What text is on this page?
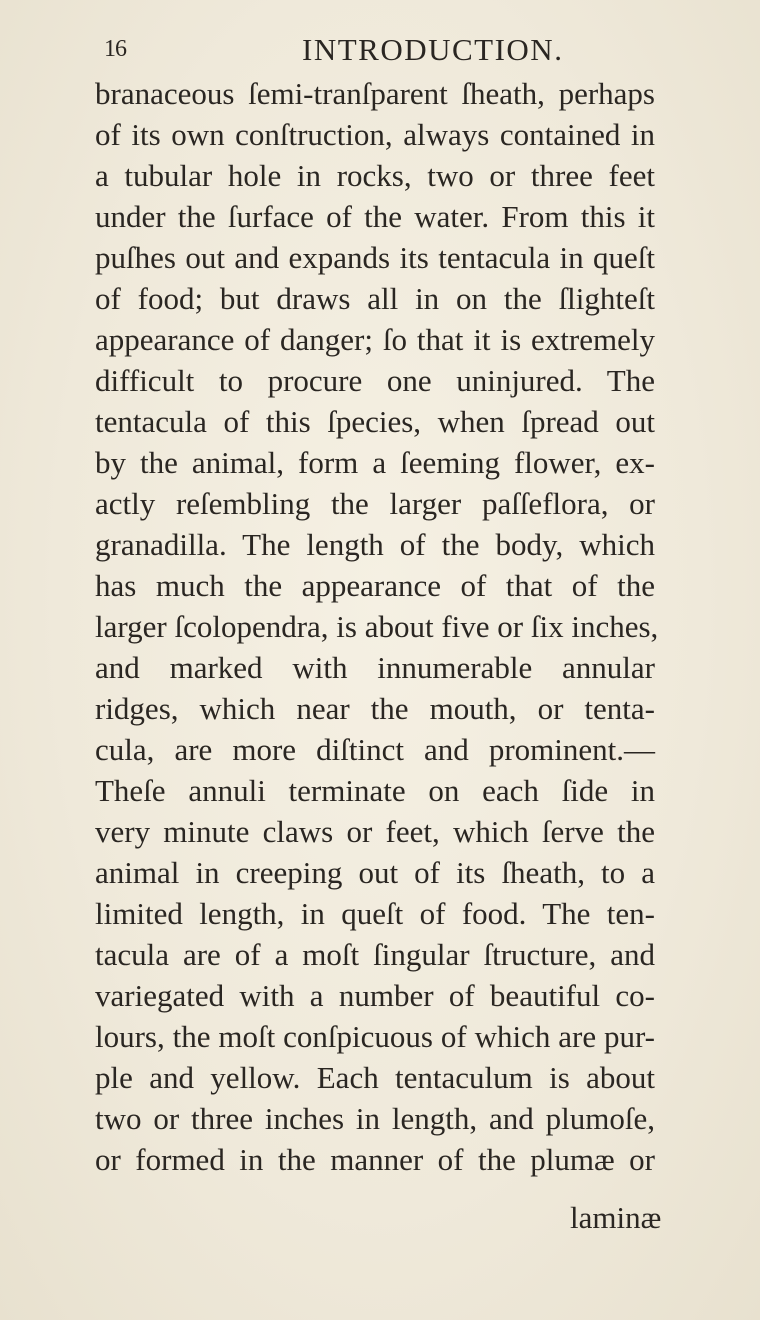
16	INTRODUCTION.
branaceous ſemi-tranſparent ſheath, perhaps
of its own conſtruction, always contained in
a tubular hole in rocks, two or three feet
under the ſurface of the water. From this it
puſhes out and expands its tentacula in queſt
of food; but draws all in on the ſlighteſt
appearance of danger; ſo that it is extremely
difficult to procure one uninjured. The
tentacula of this ſpecies, when ſpread out
by the animal, form a ſeeming flower, ex-
actly reſembling the larger paſſeflora, or
granadilla. The length of the body, which
has much the appearance of that of the
larger ſcolopendra, is about five or ſix inches,
and marked with innumerable annular
ridges, which near the mouth, or tenta-
cula, are more diſtinct and prominent.—
Theſe annuli terminate on each ſide in
very minute claws or feet, which ſerve the
animal in creeping out of its ſheath, to a
limited length, in queſt of food. The ten-
tacula are of a moſt ſingular ſtructure, and
variegated with a number of beautiful co-
lours, the moſt conſpicuous of which are pur-
ple and yellow. Each tentaculum is about
two or three inches in length, and plumoſe,
or formed in the manner of the plumæ or
laminæ
